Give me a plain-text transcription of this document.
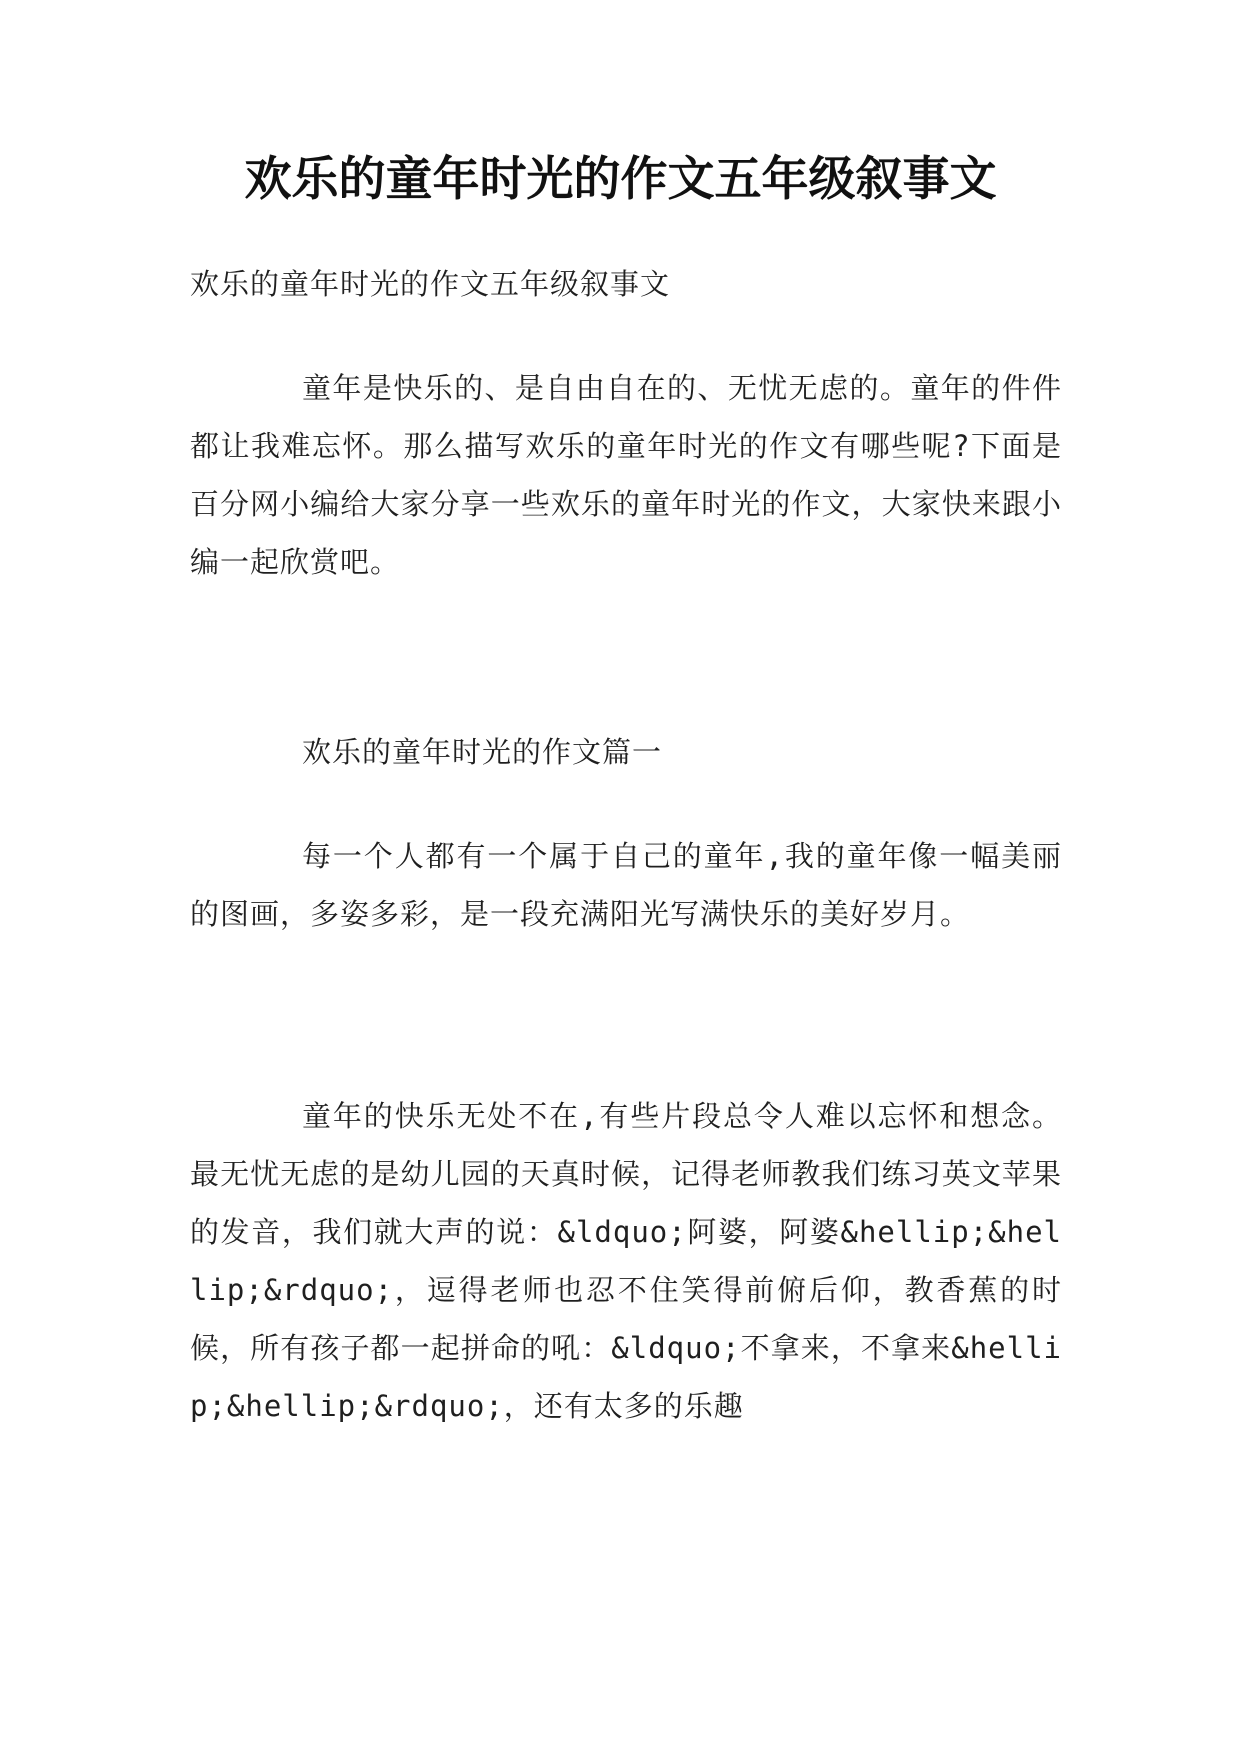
欢乐的童年时光的作文五年级叙事文

欢乐的童年时光的作文五年级叙事文

童年是快乐的、是自由自在的、无忧无虑的。童年的件件都让我难忘怀。那么描写欢乐的童年时光的作文有哪些呢?下面是百分网小编给大家分享一些欢乐的童年时光的作文，大家快来跟小编一起欣赏吧。

欢乐的童年时光的作文篇一

每一个人都有一个属于自己的童年,我的童年像一幅美丽的图画，多姿多彩，是一段充满阳光写满快乐的美好岁月。

童年的快乐无处不在,有些片段总令人难以忘怀和想念。最无忧无虑的是幼儿园的天真时候，记得老师教我们练习英文苹果的发音，我们就大声的说：&ldquo;阿婆，阿婆&hellip;&hellip;&rdquo;，逗得老师也忍不住笑得前俯后仰，教香蕉的时候，所有孩子都一起拼命的吼：&ldquo;不拿来，不拿来&hellip;&hellip;&rdquo;，还有太多的乐趣
